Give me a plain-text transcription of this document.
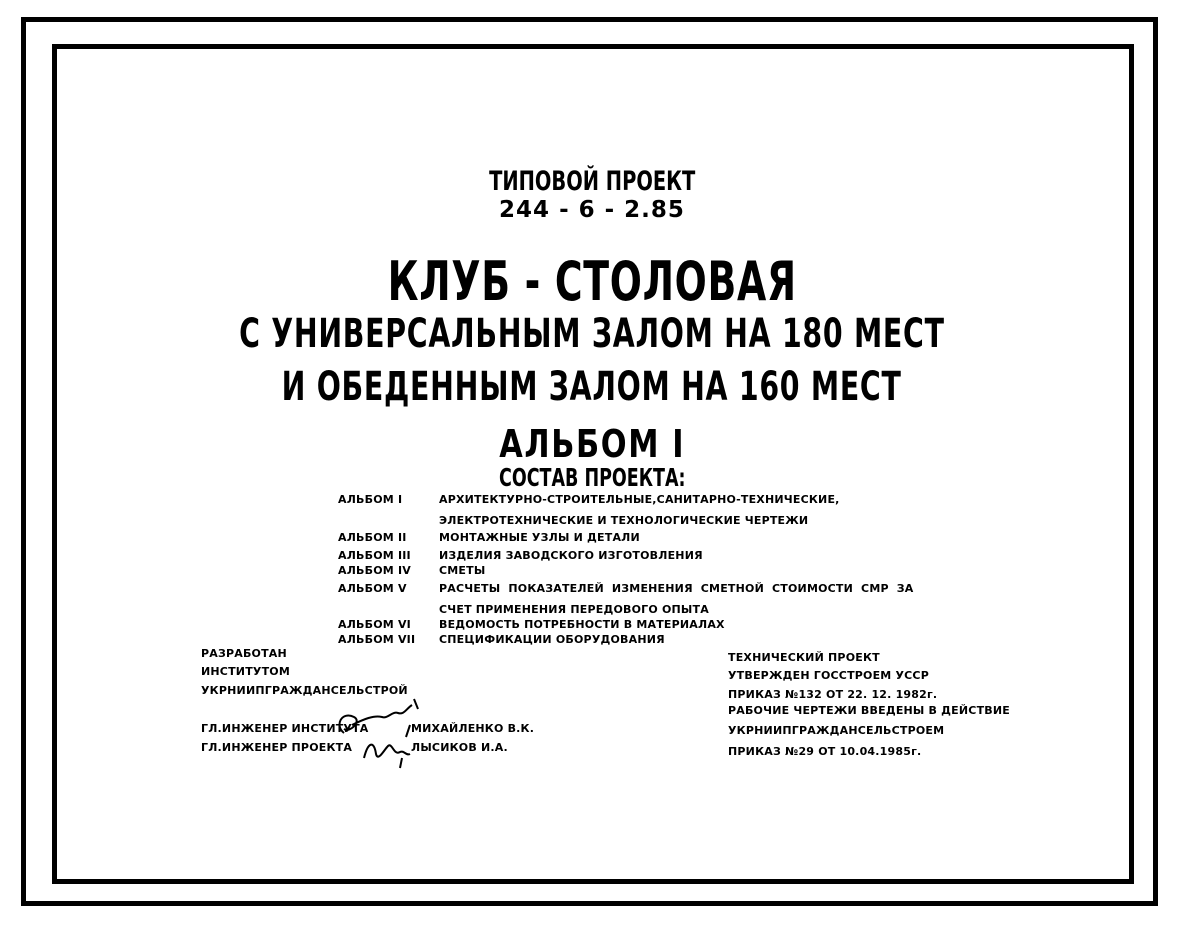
ТИПОВОЙ ПРОЕКТ
244 - 6 - 2.85
КЛУБ - СТОЛОВАЯ
С УНИВЕРСАЛЬНЫМ ЗАЛОМ НА 180 МЕСТ
И ОБЕДЕННЫМ ЗАЛОМ НА 160 МЕСТ
АЛЬБОМ I
СОСТАВ ПРОЕКТА:
АЛЬБОМ I	АРХИТЕКТУРНО-СТРОИТЕЛЬНЫЕ,САНИТАРНО-ТЕХНИЧЕСКИЕ,
ЭЛЕКТРОТЕХНИЧЕСКИЕ И ТЕХНОЛОГИЧЕСКИЕ ЧЕРТЕЖИ
АЛЬБОМ II	МОНТАЖНЫЕ УЗЛЫ И ДЕТАЛИ
АЛЬБОМ III	ИЗДЕЛИЯ ЗАВОДСКОГО ИЗГОТОВЛЕНИЯ
АЛЬБОМ IV	СМЕТЫ
АЛЬБОМ V	РАСЧЕТЫ ПОКАЗАТЕЛЕЙ ИЗМЕНЕНИЯ СМЕТНОЙ СТОИМОСТИ СМР ЗА
СЧЕТ ПРИМЕНЕНИЯ ПЕРЕДОВОГО ОПЫТА
АЛЬБОМ VI	ВЕДОМОСТЬ ПОТРЕБНОСТИ В МАТЕРИАЛАХ
АЛЬБОМ VII СПЕЦИФИКАЦИИ ОБОРУДОВАНИЯ
РАЗРАБОТАН
ИНСТИТУТОМ
УКРНИИПГРАЖДАНСЕЛЬСТРОЙ
ГЛ.ИНЖЕНЕР ИНСТИТУТА	МИХАЙЛЕНКО В.К.
ГЛ.ИНЖЕНЕР ПРОЕКТА	ЛЫСИКОВ И.А.
ТЕХНИЧЕСКИЙ ПРОЕКТ
УТВЕРЖДЕН ГОССТРОЕМ УССР
ПРИКАЗ №132 ОТ 22. 12. 1982г.
РАБОЧИЕ ЧЕРТЕЖИ ВВЕДЕНЫ В ДЕЙСТВИЕ
УКРНИИПГРАЖДАНСЕЛЬСТРОЕМ
ПРИКАЗ №29 ОТ 10.04.1985г.
